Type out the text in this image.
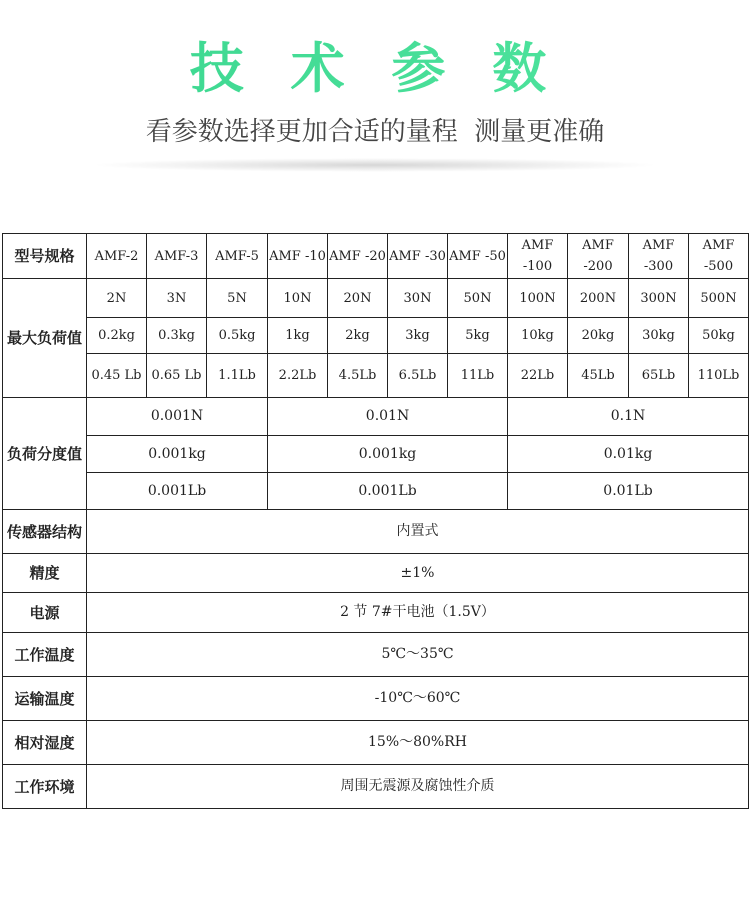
技 术 参 数
看参数选择更加合适的量程  测量更准确
型号规格	AMF-2	AMF-3	AMF-5	AMF -10	AMF -20	AMF -30	AMF -50	AMF -100	AMF -200	AMF -300	AMF -500
最大负荷值	2N	3N	5N	10N	20N	30N	50N	100N	200N	300N	500N
	0.2kg	0.3kg	0.5kg	1kg	2kg	3kg	5kg	10kg	20kg	30kg	50kg
	0.45 Lb	0.65 Lb	1.1Lb	2.2Lb	4.5Lb	6.5Lb	11Lb	22Lb	45Lb	65Lb	110Lb
负荷分度值	0.001N			0.01N				0.1N			
	0.001kg			0.001kg				0.01kg			
	0.001Lb			0.001Lb				0.01Lb			
传感器结构	内置式										
精度	±1%										
电源	2 节 7#干电池（1.5V）										
工作温度	5℃～35℃										
运输温度	-10℃～60℃										
相对湿度	15%～80%RH										
工作环境	周围无震源及腐蚀性介质										
